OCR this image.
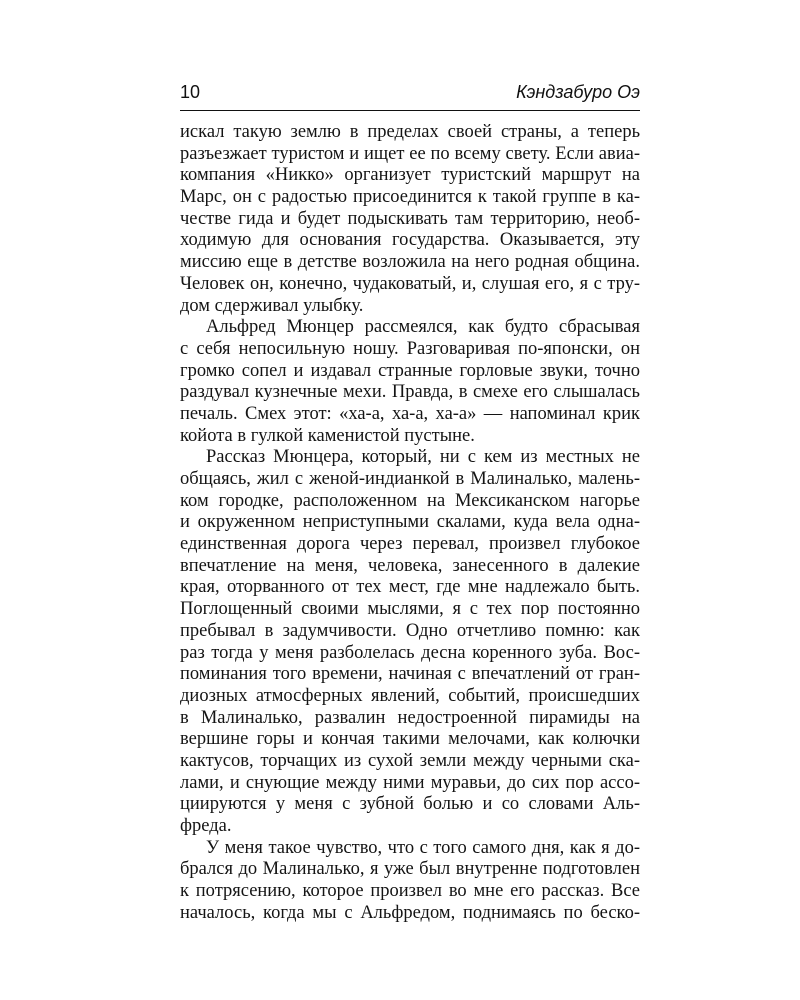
10	Кэндзабуро Оэ
искал такую землю в пределах своей страны, а теперь
разъезжает туристом и ищет ее по всему свету. Если авиа-
компания «Никко» организует туристский маршрут на
Марс, он с радостью присоединится к такой группе в ка-
честве гида и будет подыскивать там территорию, необ-
ходимую для основания государства. Оказывается, эту
миссию еще в детстве возложила на него родная община.
Человек он, конечно, чудаковатый, и, слушая его, я с тру-
дом сдерживал улыбку.
Альфред Мюнцер рассмеялся, как будто сбрасывая
с себя непосильную ношу. Разговаривая по-японски, он
громко сопел и издавал странные горловые звуки, точно
раздувал кузнечные мехи. Правда, в смехе его слышалась
печаль. Смех этот: «ха-а, ха-а, ха-а» — напоминал крик
койота в гулкой каменистой пустыне.
Рассказ Мюнцера, который, ни с кем из местных не
общаясь, жил с женой-индианкой в Малиналько, малень-
ком городке, расположенном на Мексиканском нагорье
и окруженном неприступными скалами, куда вела одна-
единственная дорога через перевал, произвел глубокое
впечатление на меня, человека, занесенного в далекие
края, оторванного от тех мест, где мне надлежало быть.
Поглощенный своими мыслями, я с тех пор постоянно
пребывал в задумчивости. Одно отчетливо помню: как
раз тогда у меня разболелась десна коренного зуба. Вос-
поминания того времени, начиная с впечатлений от гран-
диозных атмосферных явлений, событий, происшедших
в Малиналько, развалин недостроенной пирамиды на
вершине горы и кончая такими мелочами, как колючки
кактусов, торчащих из сухой земли между черными ска-
лами, и снующие между ними муравьи, до сих пор ассо-
циируются у меня с зубной болью и со словами Аль-
фреда.
У меня такое чувство, что с того самого дня, как я до-
брался до Малиналько, я уже был внутренне подготовлен
к потрясению, которое произвел во мне его рассказ. Все
началось, когда мы с Альфредом, поднимаясь по беско-
